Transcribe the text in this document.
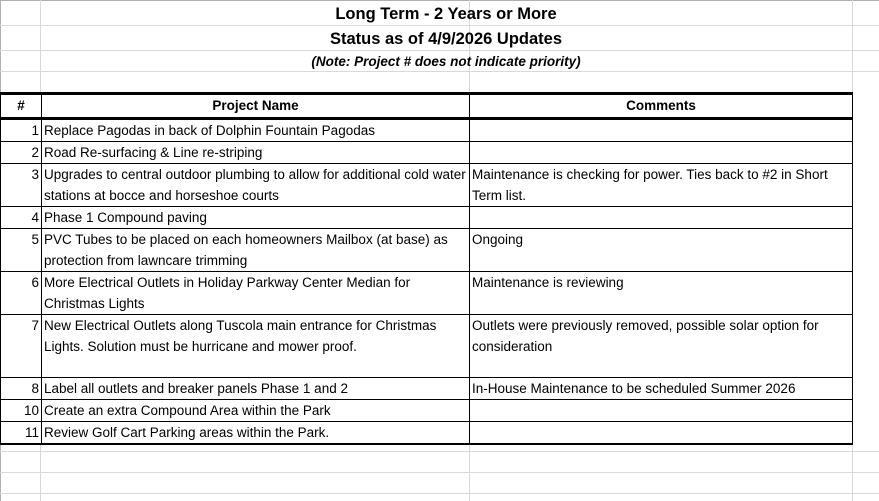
Long Term - 2 Years or More
Status as of 4/9/2026 Updates
(Note: Project # does not indicate priority)
#	Project Name	Comments
1	Replace Pagodas in back of Dolphin Fountain Pagodas	
2	Road Re-surfacing & Line re-striping	
3	Upgrades to central outdoor plumbing to allow for additional cold water stations at bocce and horseshoe courts	Maintenance is checking for power. Ties back to #2 in Short Term list.
4	Phase 1 Compound paving	
5	PVC Tubes to be placed on each homeowners Mailbox (at base) as protection from lawncare trimming	Ongoing
6	More Electrical Outlets in Holiday Parkway Center Median for Christmas Lights	Maintenance is reviewing
7	New Electrical Outlets along Tuscola main entrance for Christmas Lights. Solution must be hurricane and mower proof.	Outlets were previously removed, possible solar option for consideration
8	Label all outlets and breaker panels Phase 1 and 2	In-House Maintenance to be scheduled Summer 2026
10	Create an extra Compound Area within the Park	
11	Review Golf Cart Parking areas within the Park.	
